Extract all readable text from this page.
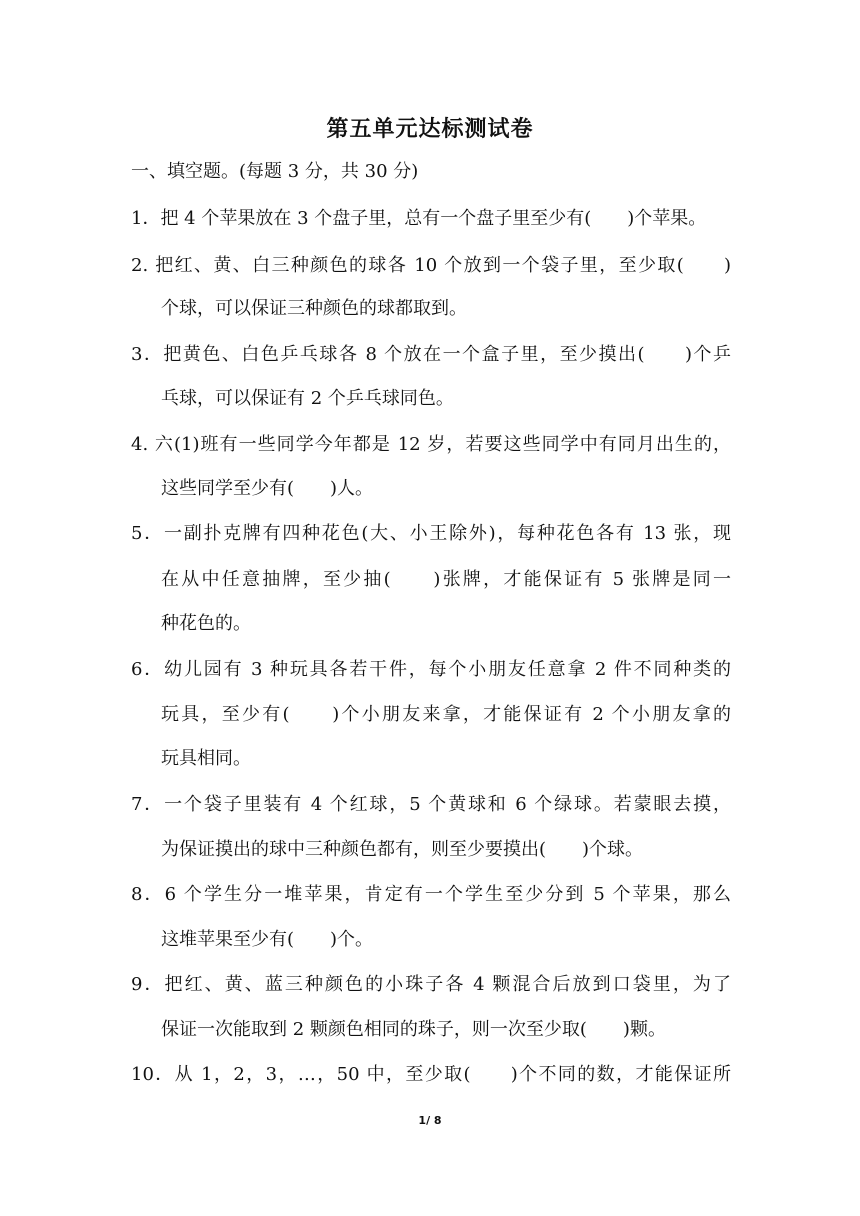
第五单元达标测试卷
一、填空题。(每题 3 分，共 30 分)
1．把 4 个苹果放在 3 个盘子里，总有一个盘子里至少有(　　)个苹果。
2. 把红、黄、白三种颜色的球各 10 个放到一个袋子里，至少取(　　)
个球，可以保证三种颜色的球都取到。
3．把黄色、白色乒乓球各 8 个放在一个盒子里，至少摸出(　　)个乒
乓球，可以保证有 2 个乒乓球同色。
4. 六(1)班有一些同学今年都是 12 岁，若要这些同学中有同月出生的，
这些同学至少有(　　)人。
5．一副扑克牌有四种花色(大、小王除外)，每种花色各有 13 张，现
在从中任意抽牌，至少抽(　　)张牌，才能保证有 5 张牌是同一
种花色的。
6．幼儿园有 3 种玩具各若干件，每个小朋友任意拿 2 件不同种类的
玩具，至少有(　　)个小朋友来拿，才能保证有 2 个小朋友拿的
玩具相同。
7．一个袋子里装有 4 个红球，5 个黄球和 6 个绿球。若蒙眼去摸，
为保证摸出的球中三种颜色都有，则至少要摸出(　　)个球。
8．6 个学生分一堆苹果，肯定有一个学生至少分到 5 个苹果，那么
这堆苹果至少有(　　)个。
9．把红、黄、蓝三种颜色的小珠子各 4 颗混合后放到口袋里，为了
保证一次能取到 2 颗颜色相同的珠子，则一次至少取(　　)颗。
10．从 1，2，3，…，50 中，至少取(　　)个不同的数，才能保证所
1/ 8
